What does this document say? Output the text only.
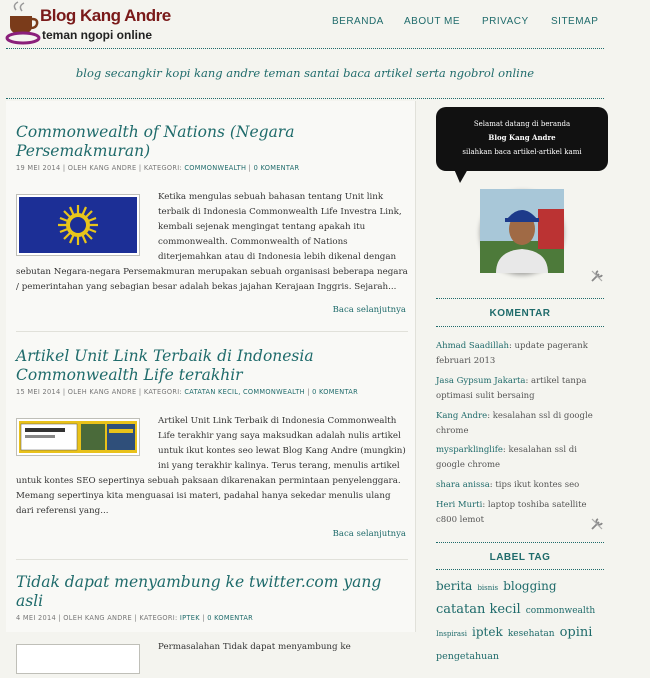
Blog Kang Andre
teman ngopi online
BERANDA ABOUT ME PRIVACY SITEMAP
blog secangkir kopi kang andre teman santai baca artikel serta ngobrol online
Commonwealth of Nations (Negara Persemakmuran)
19 MEI 2014 | OLEH KANG ANDRE | KATEGORI: COMMONWEALTH | 0 KOMENTAR
Ketika mengulas sebuah bahasan tentang Unit link terbaik di Indonesia Commonwealth Life Investra Link, kembali sejenak mengingat tentang apakah itu commonwealth. Commonwealth of Nations diterjemahkan atau di Indonesia lebih dikenal dengan sebutan Negara-negara Persemakmuran merupakan sebuah organisasi beberapa negara / pemerintahan yang sebagian besar adalah bekas jajahan Kerajaan Inggris. Sejarah...
Baca selanjutnya
Artikel Unit Link Terbaik di Indonesia Commonwealth Life terakhir
15 MEI 2014 | OLEH KANG ANDRE | KATEGORI: CATATAN KECIL, COMMONWEALTH | 0 KOMENTAR
Artikel Unit Link Terbaik di Indonesia Commonwealth Life terakhir yang saya maksudkan adalah nulis artikel untuk ikut kontes seo lewat Blog Kang Andre (mungkin) ini yang terakhir kalinya. Terus terang, menulis artikel untuk kontes SEO sepertinya sebuah paksaan dikarenakan permintaan penyelenggara. Memang sepertinya kita menguasai isi materi, padahal hanya sekedar menulis ulang dari referensi yang...
Baca selanjutnya
Tidak dapat menyambung ke twitter.com yang asli
4 MEI 2014 | OLEH KANG ANDRE | KATEGORI: IPTEK | 0 KOMENTAR
Permasalahan Tidak dapat menyambung ke
Selamat datang di beranda
Blog Kang Andre
silahkan baca artikel-artikel kami
KOMENTAR
Ahmad Saadillah: update pagerank februari 2013
Jasa Gypsum Jakarta: artikel tanpa optimasi sulit bersaing
Kang Andre: kesalahan ssl di google chrome
mysparklinglife: kesalahan ssl di google chrome
shara anissa: tips ikut kontes seo
Heri Murti: laptop toshiba satellite c800 lemot
LABEL TAG
berita bisnis blogging catatan kecil commonwealth Inspirasi iptek kesehatan opini pengetahuan
